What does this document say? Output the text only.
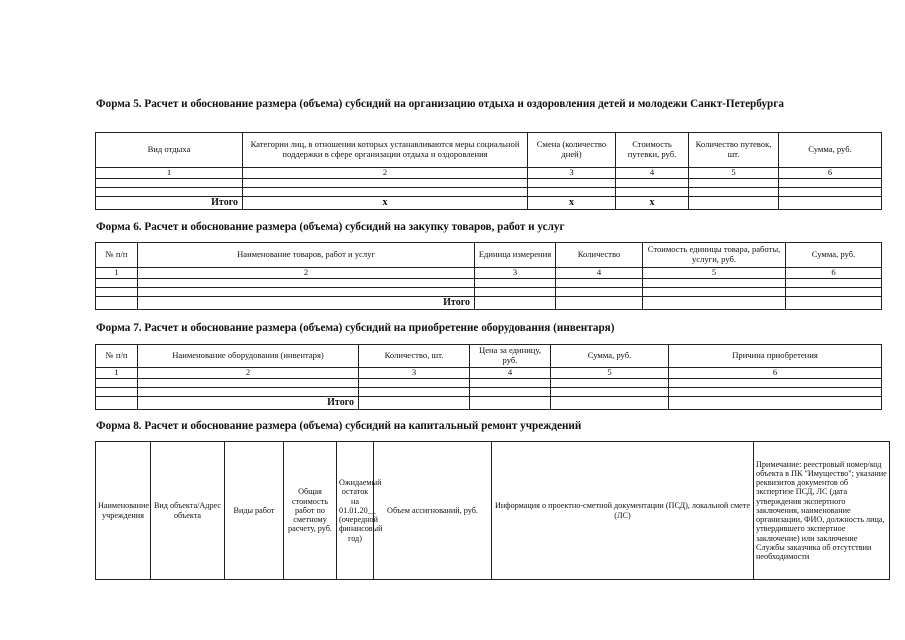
Форма 5. Расчет и обоснование размера (объема) субсидий на организацию отдыха и оздоровления детей и молодежи Санкт-Петербурга
Вид отдыха	Категории лиц, в отношении которых устанавливаются меры социальной поддержки в сфере организации отдыха и оздоровления	Смена (количество дней)	Стоимость путевки, руб.	Количество путевок, шт.	Сумма, руб.
1	2	3	4	5	6

Итого	х	х	х		
Форма 6. Расчет и обоснование размера (объема) субсидий на закупку товаров, работ и услуг
№ п/п	Наименование товаров, работ и услуг	Единица измерения	Количество	Стоимость единицы товара, работы, услуги, руб.	Сумма, руб.
1	2	3	4	5	6

	Итого				
Форма 7. Расчет и обоснование размера (объема) субсидий на приобретение оборудования (инвентаря)
№ п/п	Наименование оборудования (инвентаря)	Количество, шт.	Цена за единицу, руб.	Сумма, руб.	Причина приобретения
1	2	3	4	5	6

	Итого				
Форма 8. Расчет и обоснование размера (объема) субсидий на капитальный ремонт учреждений
Наименование учреждения	Вид объекта/Адрес объекта	Виды работ	Общая стоимость работ по сметному расчету, руб.	Ожидаемый остаток на 01.01.20__ (очередной финансовый год)	Объем ассигнований, руб.	Информация о проектно-сметной документации (ПСД), локальной смете (ЛС)	Примечание: реестровый номер/код объекта в ПК "Имущество"; указание реквизитов документов об экспертизе ПСД, ЛС (дата утверждения экспертного заключения, наименование организации, ФИО, должность лица, утвердившего экспертное заключение) или заключение Службы заказчика об отсутствии необходимости
